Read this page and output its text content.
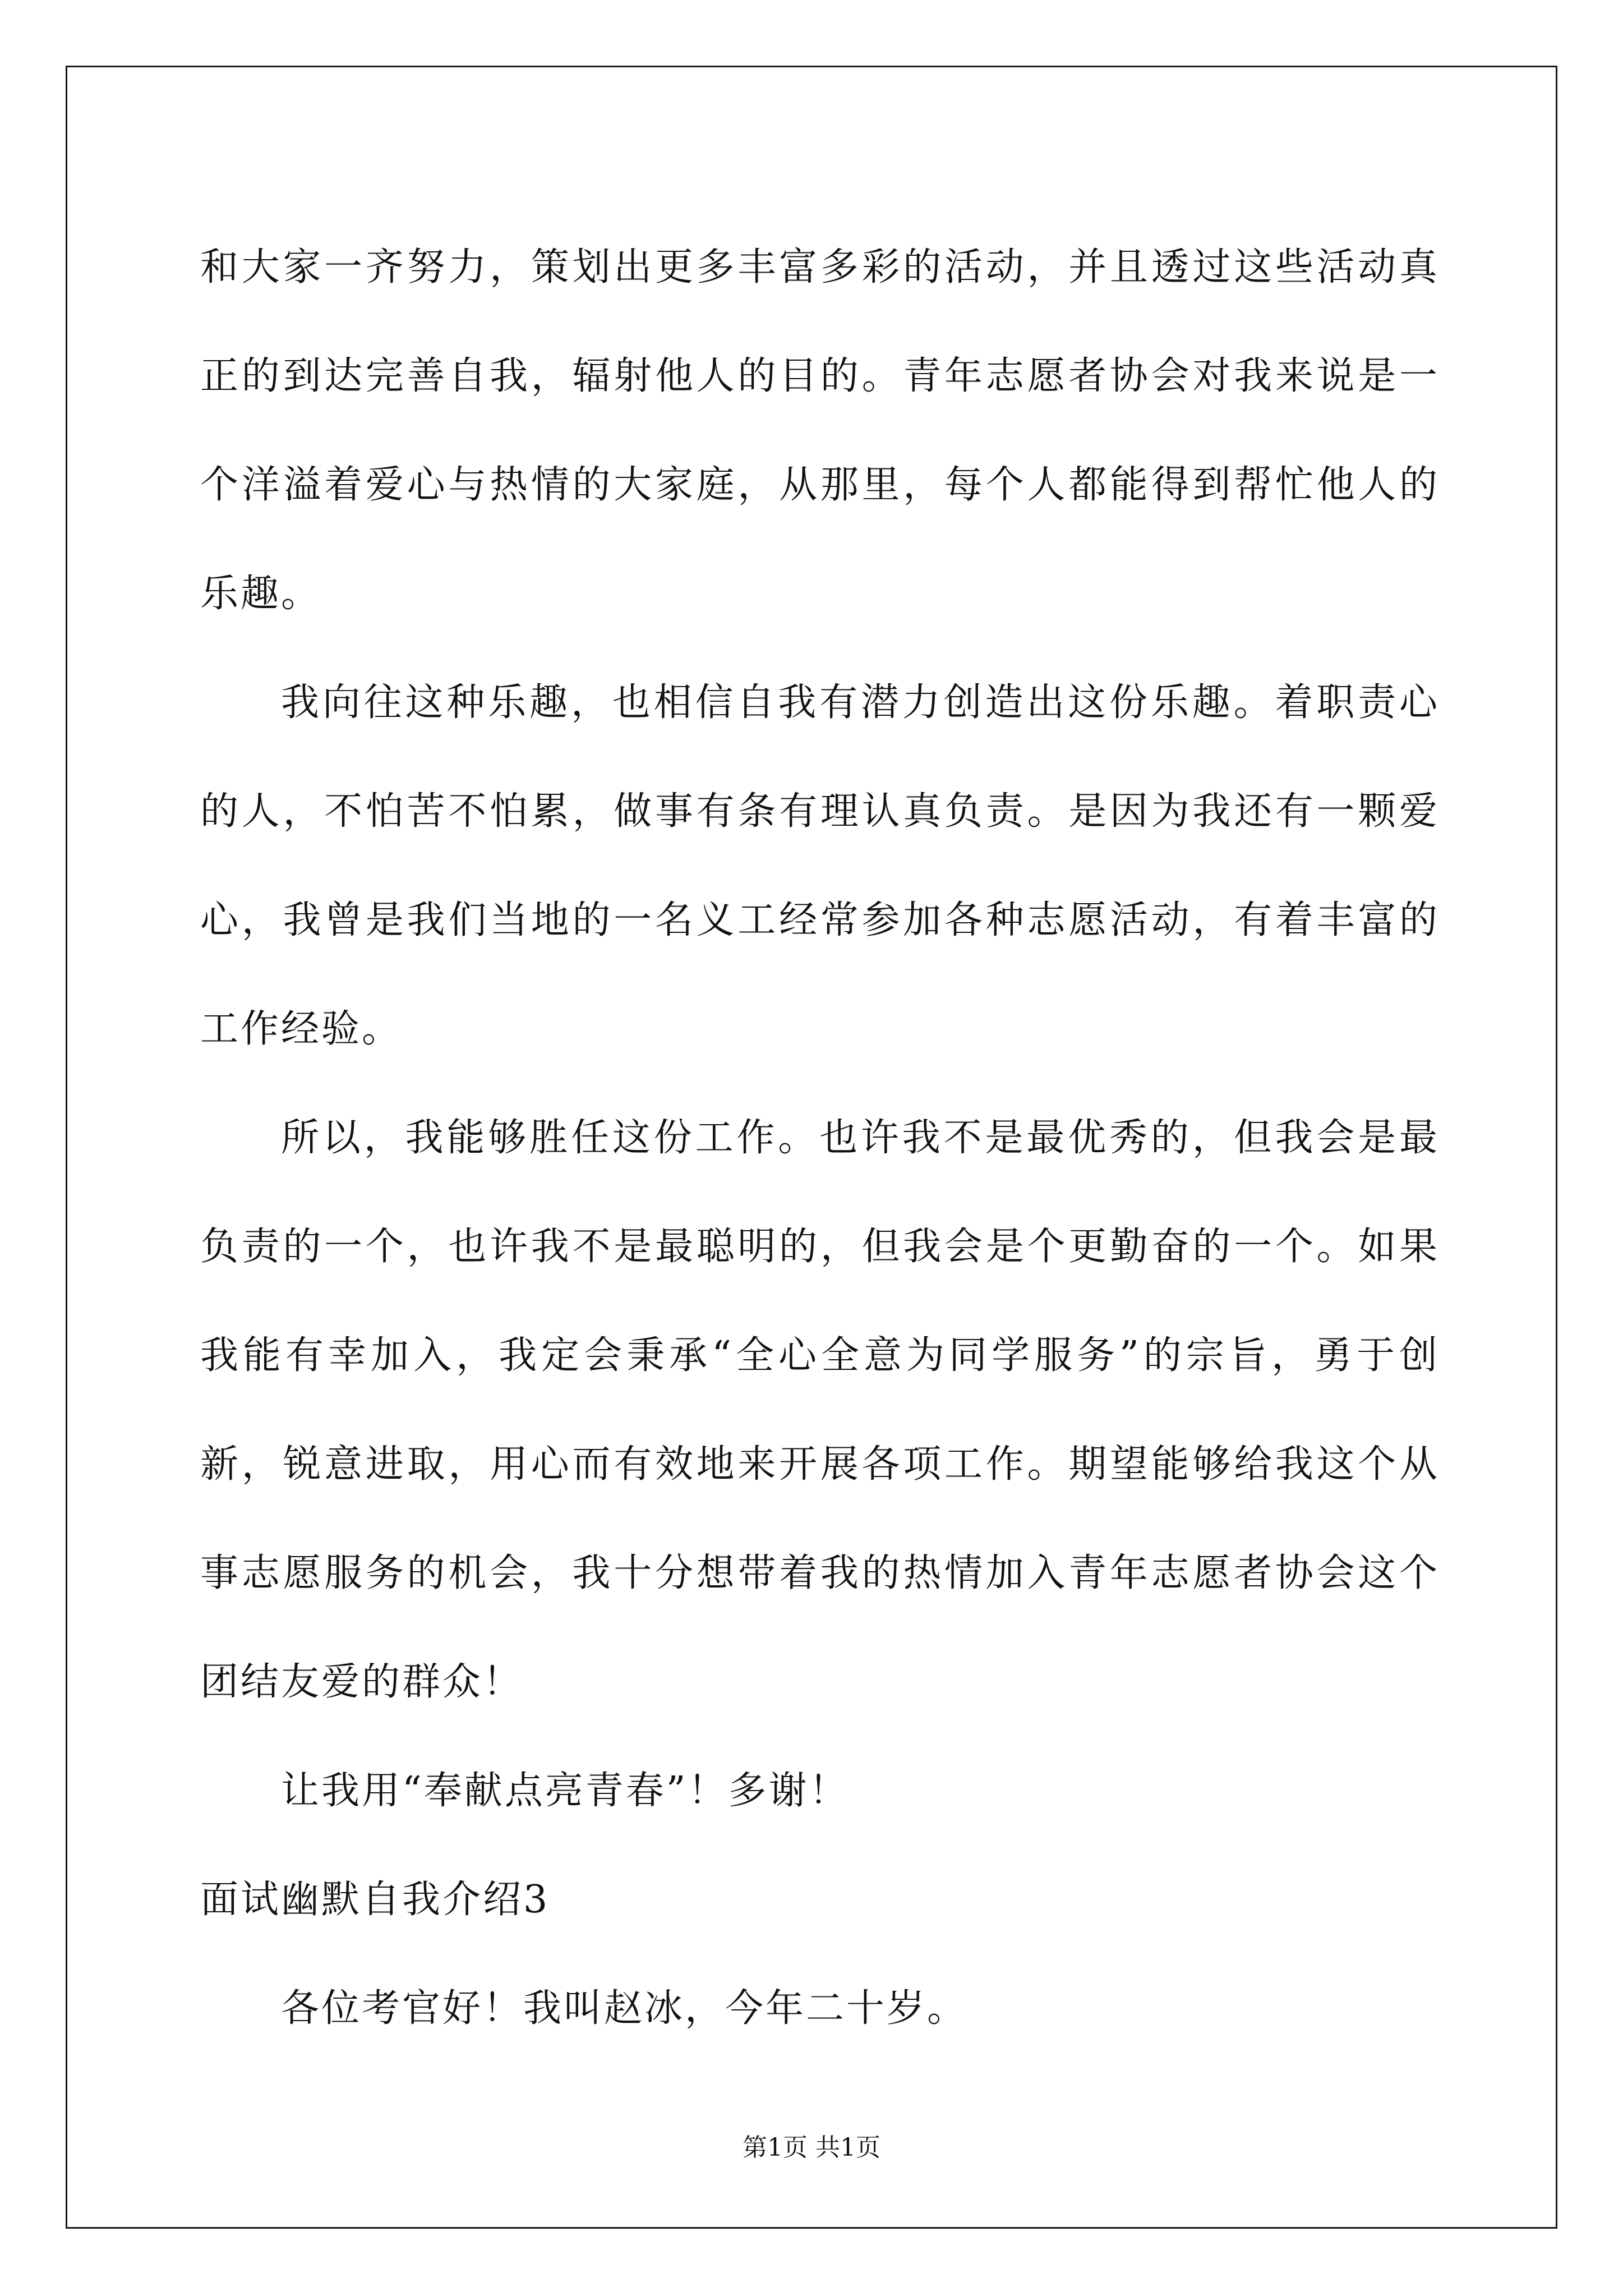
和大家一齐努力，策划出更多丰富多彩的活动，并且透过这些活动真正的到达完善自我，辐射他人的目的。青年志愿者协会对我来说是一个洋溢着爱心与热情的大家庭，从那里，每个人都能得到帮忙他人的乐趣。

我向往这种乐趣，也相信自我有潜力创造出这份乐趣。着职责心的人，不怕苦不怕累，做事有条有理认真负责。是因为我还有一颗爱心，我曾是我们当地的一名义工经常参加各种志愿活动，有着丰富的工作经验。

所以，我能够胜任这份工作。也许我不是最优秀的，但我会是最负责的一个，也许我不是最聪明的，但我会是个更勤奋的一个。如果我能有幸加入，我定会秉承“全心全意为同学服务”的宗旨，勇于创新，锐意进取，用心而有效地来开展各项工作。期望能够给我这个从事志愿服务的机会，我十分想带着我的热情加入青年志愿者协会这个团结友爱的群众！

让我用“奉献点亮青春”！多谢！

面试幽默自我介绍3

各位考官好！我叫赵冰，今年二十岁。

第1页 共1页
